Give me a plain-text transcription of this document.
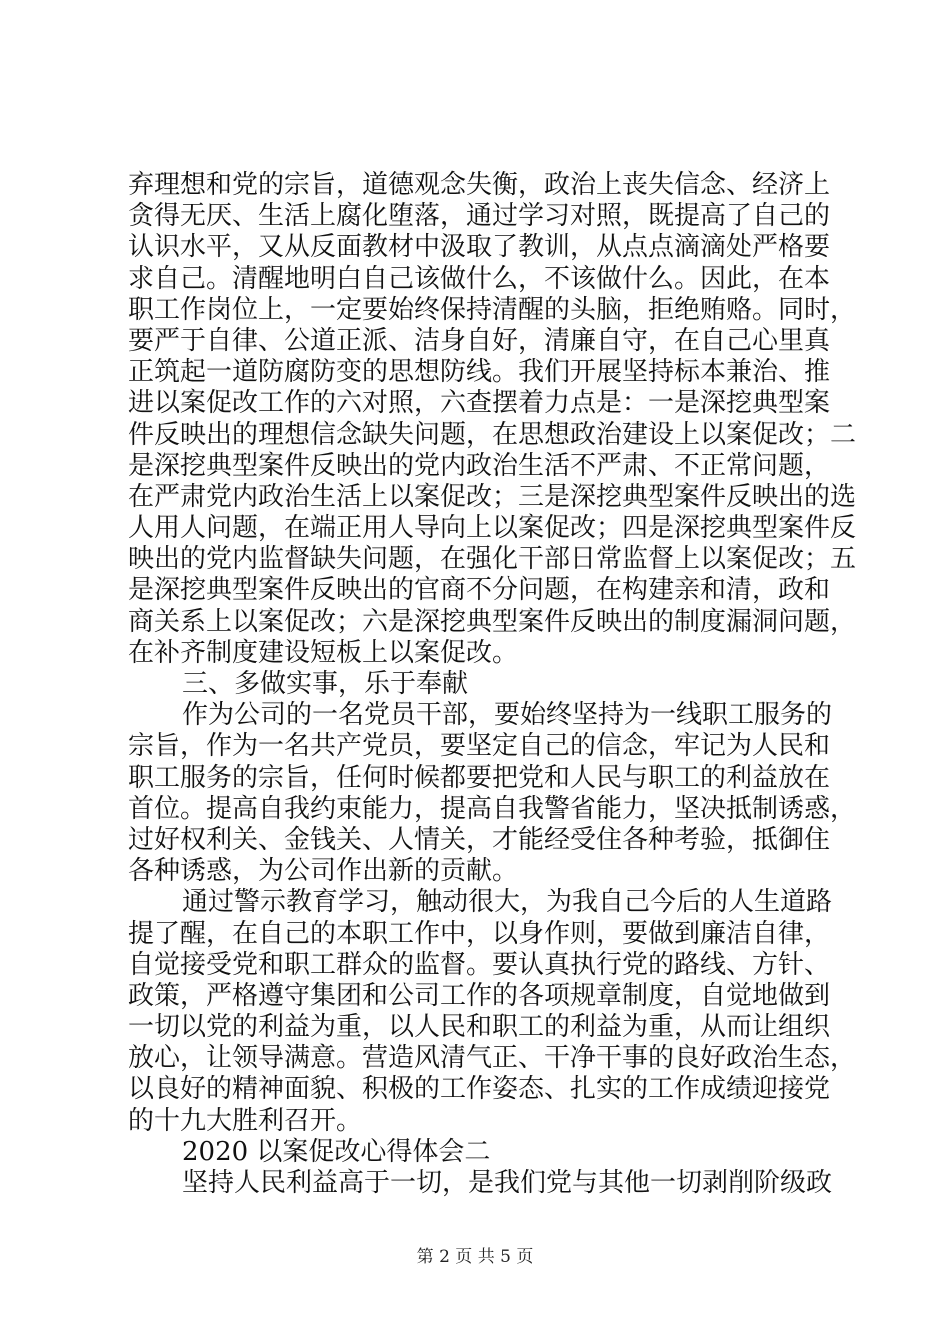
弃理想和党的宗旨，道德观念失衡，政治上丧失信念、经济上
贪得无厌、生活上腐化堕落，通过学习对照，既提高了自己的
认识水平，又从反面教材中汲取了教训，从点点滴滴处严格要
求自己。清醒地明白自己该做什么，不该做什么。因此，在本
职工作岗位上，一定要始终保持清醒的头脑，拒绝贿赂。同时，
要严于自律、公道正派、洁身自好，清廉自守，在自己心里真
正筑起一道防腐防变的思想防线。我们开展坚持标本兼治、推
进以案促改工作的六对照，六查摆着力点是：一是深挖典型案
件反映出的理想信念缺失问题，在思想政治建设上以案促改；二
是深挖典型案件反映出的党内政治生活不严肃、不正常问题，
在严肃党内政治生活上以案促改；三是深挖典型案件反映出的选
人用人问题，在端正用人导向上以案促改；四是深挖典型案件反
映出的党内监督缺失问题，在强化干部日常监督上以案促改；五
是深挖典型案件反映出的官商不分问题，在构建亲和清，政和
商关系上以案促改；六是深挖典型案件反映出的制度漏洞问题，
在补齐制度建设短板上以案促改。
三、多做实事，乐于奉献
作为公司的一名党员干部，要始终坚持为一线职工服务的
宗旨，作为一名共产党员，要坚定自己的信念，牢记为人民和
职工服务的宗旨，任何时候都要把党和人民与职工的利益放在
首位。提高自我约束能力，提高自我警省能力，坚决抵制诱惑，
过好权利关、金钱关、人情关，才能经受住各种考验，抵御住
各种诱惑，为公司作出新的贡献。
通过警示教育学习，触动很大，为我自己今后的人生道路
提了醒，在自己的本职工作中，以身作则，要做到廉洁自律，
自觉接受党和职工群众的监督。要认真执行党的路线、方针、
政策，严格遵守集团和公司工作的各项规章制度，自觉地做到
一切以党的利益为重，以人民和职工的利益为重，从而让组织
放心，让领导满意。营造风清气正、干净干事的良好政治生态，
以良好的精神面貌、积极的工作姿态、扎实的工作成绩迎接党
的十九大胜利召开。
2020 以案促改心得体会二
坚持人民利益高于一切，是我们党与其他一切剥削阶级政
第 2 页 共 5 页
